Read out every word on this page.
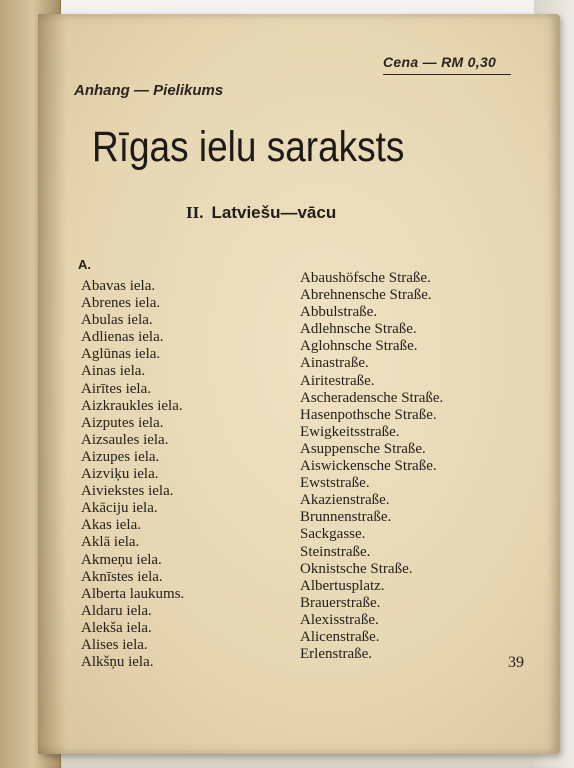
Cena — RM 0,30
Anhang — Pielikums
Rīgas ielu saraksts
II. Latviešu—vācu
A.
Abavas iela.
Abrenes iela.
Abulas iela.
Adlienas iela.
Aglūnas iela.
Ainas iela.
Airītes iela.
Aizkraukles iela.
Aizputes iela.
Aizsaules iela.
Aizupes iela.
Aizviķu iela.
Aiviekstes iela.
Akāciju iela.
Akas iela.
Aklā iela.
Akmeņu iela.
Aknīstes iela.
Alberta laukums.
Aldaru iela.
Alekša iela.
Alises iela.
Alkšņu iela.
Abaushöfsche Straße.
Abrehnensche Straße.
Abbulstraße.
Adlehnsche Straße.
Aglohnsche Straße.
Ainastraße.
Airitestraße.
Ascheradensche Straße.
Hasenpothsche Straße.
Ewigkeitsstraße.
Asuppensche Straße.
Aiswickensche Straße.
Ewststraße.
Akazienstraße.
Brunnenstraße.
Sackgasse.
Steinstraße.
Oknistsche Straße.
Albertusplatz.
Brauerstraße.
Alexisstraße.
Alicenstraße.
Erlenstraße.	39
